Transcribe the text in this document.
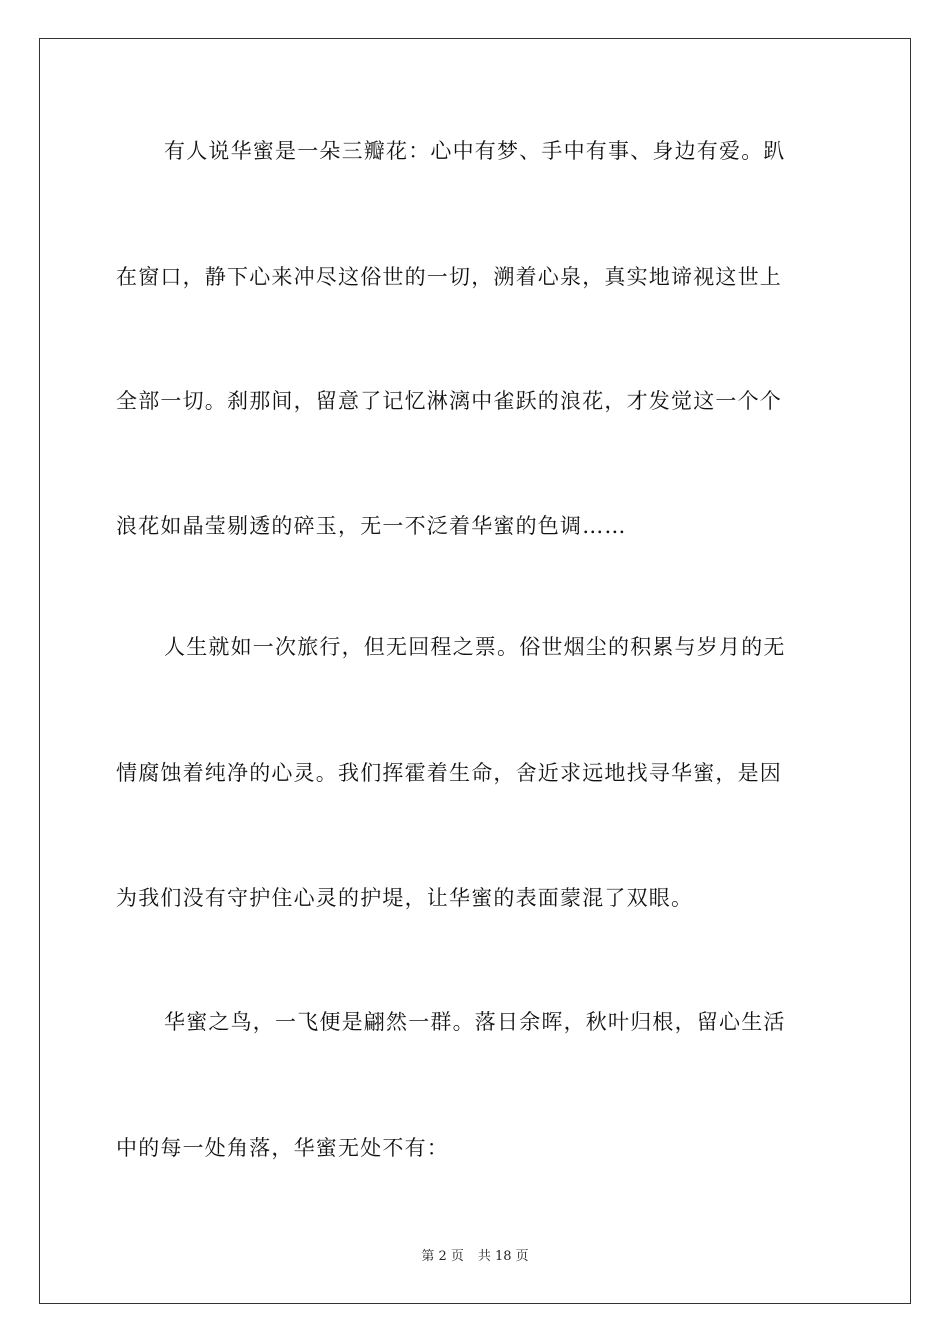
有人说华蜜是一朵三瓣花：心中有梦、手中有事、身边有爱。趴
在窗口，静下心来冲尽这俗世的一切，溯着心泉，真实地谛视这世上
全部一切。刹那间，留意了记忆淋漓中雀跃的浪花，才发觉这一个个
浪花如晶莹剔透的碎玉，无一不泛着华蜜的色调……
人生就如一次旅行，但无回程之票。俗世烟尘的积累与岁月的无
情腐蚀着纯净的心灵。我们挥霍着生命，舍近求远地找寻华蜜，是因
为我们没有守护住心灵的护堤，让华蜜的表面蒙混了双眼。
华蜜之鸟，一飞便是翩然一群。落日余晖，秋叶归根，留心生活
中的每一处角落，华蜜无处不有：
第 2 页 共 18 页
